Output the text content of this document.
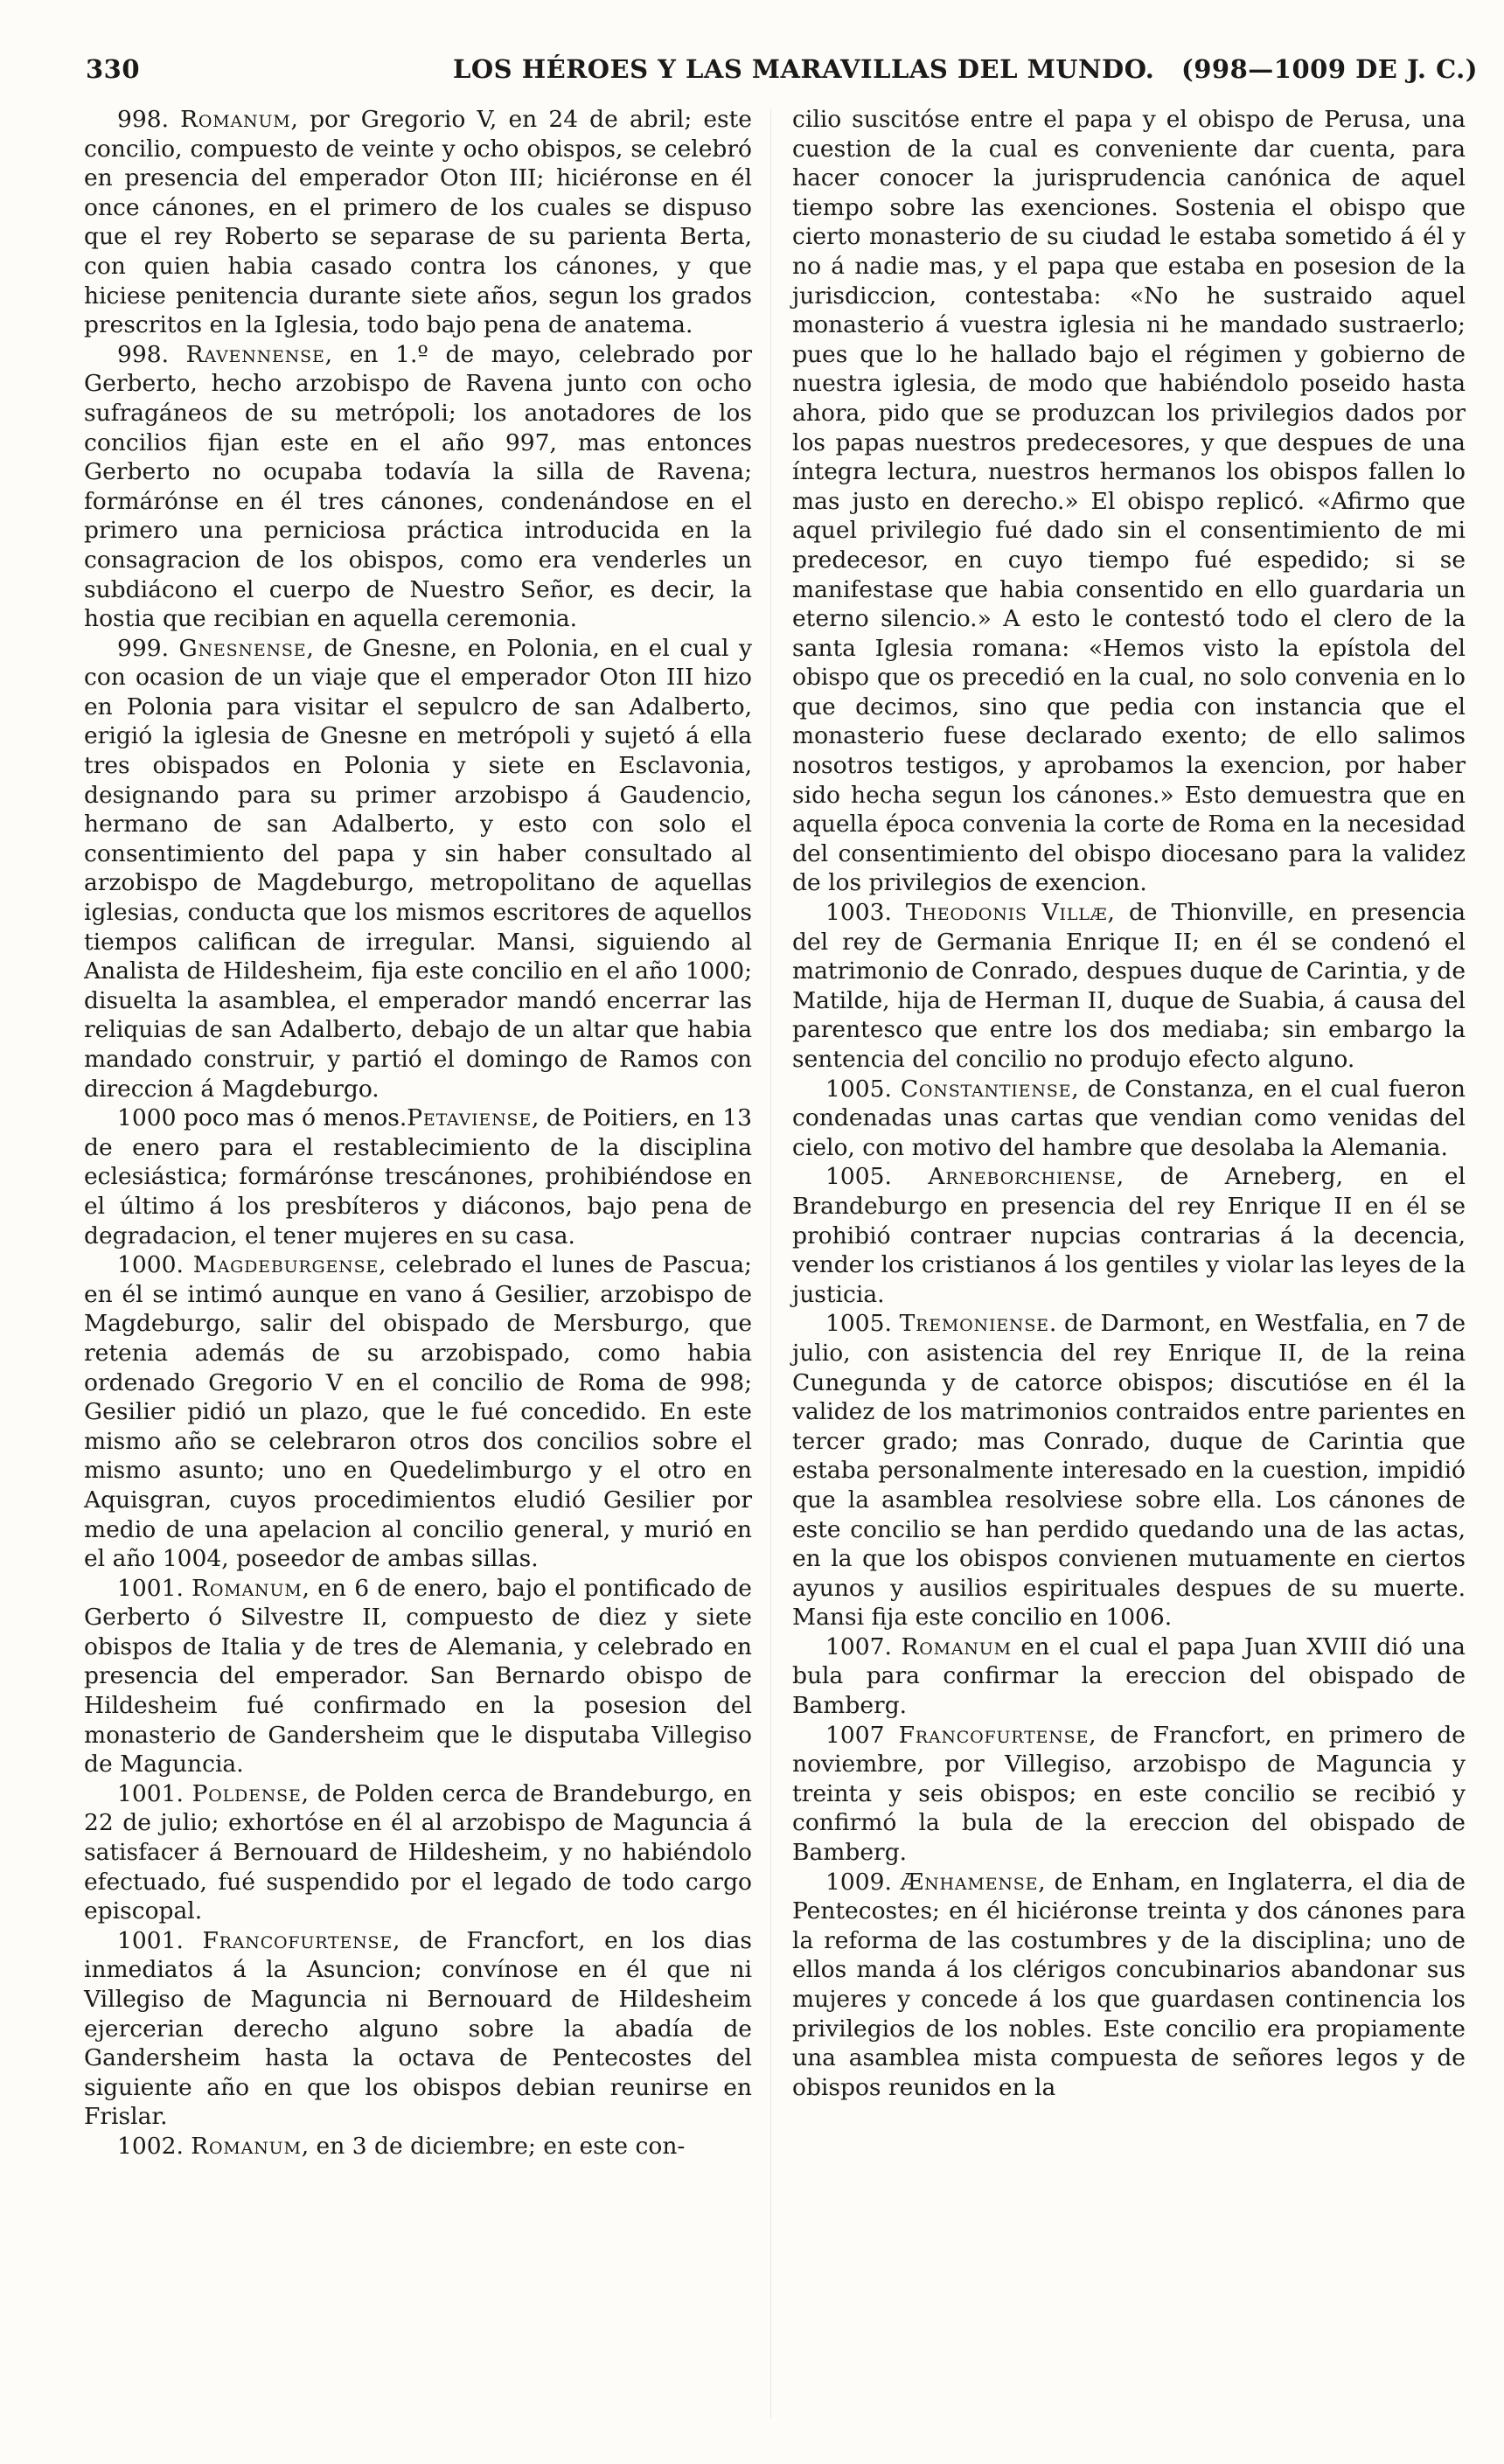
330	LOS HÉROES Y LAS MARAVILLAS DEL MUNDO. (998—1009 DE J. C.)

998. Romanum, por Gregorio V, en 24 de abril; este concilio, compuesto de veinte y ocho obispos, se celebró en presencia del emperador Oton III; hiciéronse en él once cánones, en el primero de los cuales se dispuso que el rey Roberto se separase de su parienta Berta, con quien habia casado contra los cánones, y que hiciese penitencia durante siete años, segun los grados prescritos en la Iglesia, todo bajo pena de anatema.

998. Ravennense, en 1.º de mayo, celebrado por Gerberto, hecho arzobispo de Ravena junto con ocho sufragáneos de su metrópoli; los anotadores de los concilios fijan este en el año 997, mas entonces Gerberto no ocupaba todavía la silla de Ravena; formárónse en él tres cánones, condenándose en el primero una perniciosa práctica introducida en la consagracion de los obispos, como era venderles un subdiácono el cuerpo de Nuestro Señor, es decir, la hostia que recibian en aquella ceremonia.

999. Gnesnense, de Gnesne, en Polonia, en el cual y con ocasion de un viaje que el emperador Oton III hizo en Polonia para visitar el sepulcro de san Adalberto, erigió la iglesia de Gnesne en metrópoli y sujetó á ella tres obispados en Polonia y siete en Esclavonia, designando para su primer arzobispo á Gaudencio, hermano de san Adalberto, y esto con solo el consentimiento del papa y sin haber consultado al arzobispo de Magdeburgo, metropolitano de aquellas iglesias, conducta que los mismos escritores de aquellos tiempos califican de irregular. Mansi, siguiendo al Analista de Hildesheim, fija este concilio en el año 1000; disuelta la asamblea, el emperador mandó encerrar las reliquias de san Adalberto, debajo de un altar que habia mandado construir, y partió el domingo de Ramos con direccion á Magdeburgo.

1000 poco mas ó menos.Petaviense, de Poitiers, en 13 de enero para el restablecimiento de la disciplina eclesiástica; formárónse trescánones, prohibiéndose en el último á los presbíteros y diáconos, bajo pena de degradacion, el tener mujeres en su casa.

1000. Magdeburgense, celebrado el lunes de Pascua; en él se intimó aunque en vano á Gesilier, arzobispo de Magdeburgo, salir del obispado de Mersburgo, que retenia además de su arzobispado, como habia ordenado Gregorio V en el concilio de Roma de 998; Gesilier pidió un plazo, que le fué concedido. En este mismo año se celebraron otros dos concilios sobre el mismo asunto; uno en Quedelimburgo y el otro en Aquisgran, cuyos procedimientos eludió Gesilier por medio de una apelacion al concilio general, y murió en el año 1004, poseedor de ambas sillas.

1001. Romanum, en 6 de enero, bajo el pontificado de Gerberto ó Silvestre II, compuesto de diez y siete obispos de Italia y de tres de Alemania, y celebrado en presencia del emperador. San Bernardo obispo de Hildesheim fué confirmado en la posesion del monasterio de Gandersheim que le disputaba Villegiso de Maguncia.

1001. Poldense, de Polden cerca de Brandeburgo, en 22 de julio; exhortóse en él al arzobispo de Maguncia á satisfacer á Bernouard de Hildesheim, y no habiéndolo efectuado, fué suspendido por el legado de todo cargo episcopal.

1001. Francofurtense, de Francfort, en los dias inmediatos á la Asuncion; convínose en él que ni Villegiso de Maguncia ni Bernouard de Hildesheim ejercerian derecho alguno sobre la abadía de Gandersheim hasta la octava de Pentecostes del siguiente año en que los obispos debian reunirse en Frislar.

1002. Romanum, en 3 de diciembre; en este con-

cilio suscitóse entre el papa y el obispo de Perusa, una cuestion de la cual es conveniente dar cuenta, para hacer conocer la jurisprudencia canónica de aquel tiempo sobre las exenciones. Sostenia el obispo que cierto monasterio de su ciudad le estaba sometido á él y no á nadie mas, y el papa que estaba en posesion de la jurisdiccion, contestaba: «No he sustraido aquel monasterio á vuestra iglesia ni he mandado sustraerlo; pues que lo he hallado bajo el régimen y gobierno de nuestra iglesia, de modo que habiéndolo poseido hasta ahora, pido que se produzcan los privilegios dados por los papas nuestros predecesores, y que despues de una íntegra lectura, nuestros hermanos los obispos fallen lo mas justo en derecho.» El obispo replicó. «Afirmo que aquel privilegio fué dado sin el consentimiento de mi predecesor, en cuyo tiempo fué espedido; si se manifestase que habia consentido en ello guardaria un eterno silencio.» A esto le contestó todo el clero de la santa Iglesia romana: «Hemos visto la epístola del obispo que os precedió en la cual, no solo convenia en lo que decimos, sino que pedia con instancia que el monasterio fuese declarado exento; de ello salimos nosotros testigos, y aprobamos la exencion, por haber sido hecha segun los cánones.» Esto demuestra que en aquella época convenia la corte de Roma en la necesidad del consentimiento del obispo diocesano para la validez de los privilegios de exencion.

1003. Theodonis Villæ, de Thionville, en presencia del rey de Germania Enrique II; en él se condenó el matrimonio de Conrado, despues duque de Carintia, y de Matilde, hija de Herman II, duque de Suabia, á causa del parentesco que entre los dos mediaba; sin embargo la sentencia del concilio no produjo efecto alguno.

1005. Constantiense, de Constanza, en el cual fueron condenadas unas cartas que vendian como venidas del cielo, con motivo del hambre que desolaba la Alemania.

1005. Arneborchiense, de Arneberg, en el Brandeburgo en presencia del rey Enrique II en él se prohibió contraer nupcias contrarias á la decencia, vender los cristianos á los gentiles y violar las leyes de la justicia.

1005. Tremoniense. de Darmont, en Westfalia, en 7 de julio, con asistencia del rey Enrique II, de la reina Cunegunda y de catorce obispos; discutióse en él la validez de los matrimonios contraidos entre parientes en tercer grado; mas Conrado, duque de Carintia que estaba personalmente interesado en la cuestion, impidió que la asamblea resolviese sobre ella. Los cánones de este concilio se han perdido quedando una de las actas, en la que los obispos convienen mutuamente en ciertos ayunos y ausilios espirituales despues de su muerte. Mansi fija este concilio en 1006.

1007. Romanum en el cual el papa Juan XVIII dió una bula para confirmar la ereccion del obispado de Bamberg.

1007 Francofurtense, de Francfort, en primero de noviembre, por Villegiso, arzobispo de Maguncia y treinta y seis obispos; en este concilio se recibió y confirmó la bula de la ereccion del obispado de Bamberg.

1009. Ænhamense, de Enham, en Inglaterra, el dia de Pentecostes; en él hiciéronse treinta y dos cánones para la reforma de las costumbres y de la disciplina; uno de ellos manda á los clérigos concubinarios abandonar sus mujeres y concede á los que guardasen continencia los privilegios de los nobles. Este concilio era propiamente una asamblea mista compuesta de señores legos y de obispos reunidos en la
